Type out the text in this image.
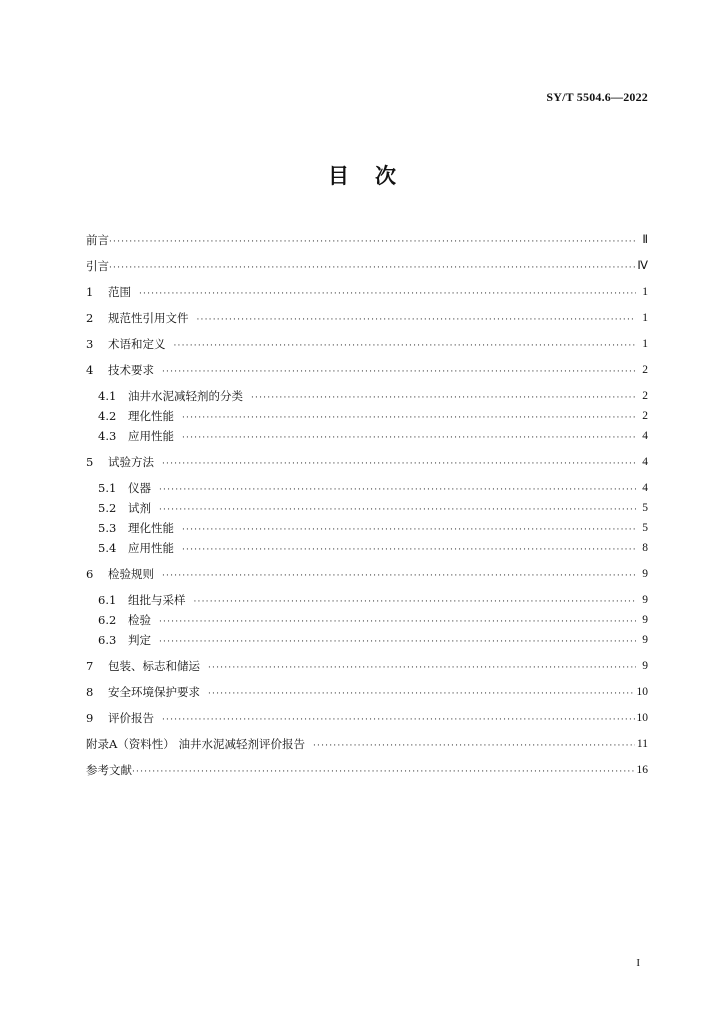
SY/T 5504.6—2022
目次
前言 ·····	Ⅱ
引言 ·····	Ⅳ
1	范围 ·····	1
2	规范性引用文件 ·····	1
3	术语和定义 ·····	1
4	技术要求 ·····	2
4.1	油井水泥减轻剂的分类 ·····	2
4.2	理化性能 ·····	2
4.3	应用性能 ·····	4
5	试验方法 ·····	4
5.1	仪器 ·····	4
5.2	试剂 ·····	5
5.3	理化性能 ·····	5
5.4	应用性能 ·····	8
6	检验规则 ·····	9
6.1	组批与采样 ·····	9
6.2	检验 ·····	9
6.3	判定 ·····	9
7	包装、标志和储运 ·····	9
8	安全环境保护要求 ·····	10
9	评价报告 ·····	10
附录A（资料性） 油井水泥减轻剂评价报告 ·····	11
参考文献 ·····	16
I
